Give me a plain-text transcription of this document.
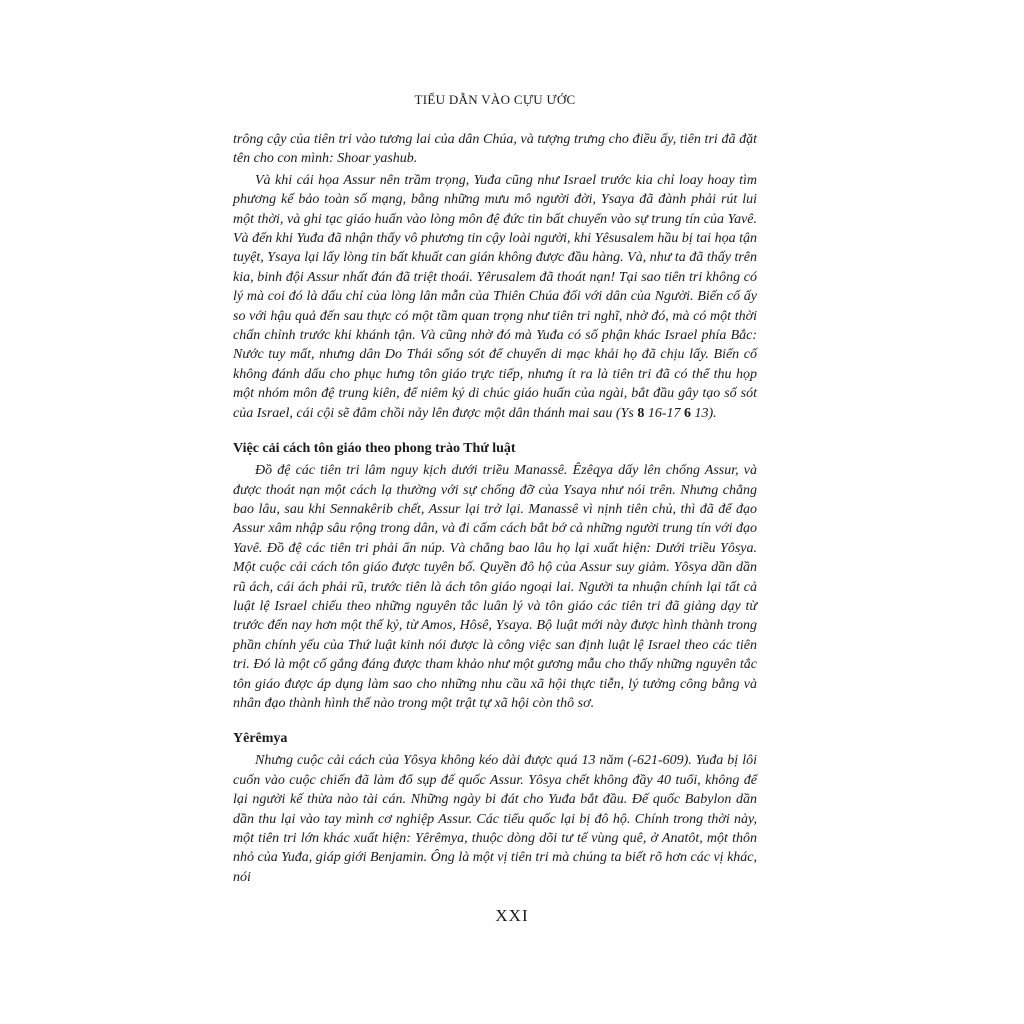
TIỂU DẪN VÀO CỰU ƯỚC

trông cậy của tiên tri vào tương lai của dân Chúa, và tượng trưng cho điều ấy, tiên tri đã đặt tên cho con mình: Shoar yashub.

Và khi cái họa Assur nên trầm trọng, Yuđa cũng như Israel trước kia chỉ loay hoay tìm phương kế bảo toàn số mạng, bằng những mưu mô người đời, Ysaya đã đành phải rút lui một thời, và ghi tạc giáo huấn vào lòng môn đệ đức tin bất chuyển vào sự trung tín của Yavê. Và đến khi Yuđa đã nhận thấy vô phương tin cậy loài người, khi Yêsusalem hầu bị tai họa tận tuyệt, Ysaya lại lấy lòng tin bất khuất can gián không được đầu hàng. Và, như ta đã thấy trên kia, binh đội Assur nhất đán đã triệt thoái. Yêrusalem đã thoát nạn! Tại sao tiên tri không có lý mà coi đó là dấu chỉ của lòng lân mẫn của Thiên Chúa đối với dân của Người. Biến cố ấy so với hậu quả đến sau thực có một tầm quan trọng như tiên tri nghĩ, nhờ đó, mà có một thời chấn chỉnh trước khi khánh tận. Và cũng nhờ đó mà Yuđa có số phận khác Israel phía Bắc: Nước tuy mất, nhưng dân Do Thái sống sót để chuyển di mạc khải họ đã chịu lấy. Biến cố không đánh dấu cho phục hưng tôn giáo trực tiếp, nhưng ít ra là tiên tri đã có thể thu họp một nhóm môn đệ trung kiên, để niêm ký di chúc giáo huấn của ngài, bắt đầu gây tạo số sót của Israel, cái cội sẽ đâm chồi nảy lên được một dân thánh mai sau (Ys 8 16-17 6 13).

Việc cải cách tôn giáo theo phong trào Thứ luật

Đồ đệ các tiên tri lâm nguy kịch dưới triều Manassê. Êzêqya dấy lên chống Assur, và được thoát nạn một cách lạ thường với sự chống đỡ của Ysaya như nói trên. Nhưng chẳng bao lâu, sau khi Sennakêrib chết, Assur lại trở lại. Manassê vì nịnh tiên chủ, thì đã để đạo Assur xâm nhập sâu rộng trong dân, và đi cấm cách bắt bớ cả những người trung tín với đạo Yavê. Đồ đệ các tiên tri phải ẩn núp. Và chẳng bao lâu họ lại xuất hiện: Dưới triều Yôsya. Một cuộc cải cách tôn giáo được tuyên bố. Quyền đô hộ của Assur suy giảm. Yôsya dần dần rũ ách, cái ách phải rũ, trước tiên là ách tôn giáo ngoại lai. Người ta nhuận chính lại tất cả luật lệ Israel chiếu theo những nguyên tắc luân lý và tôn giáo các tiên tri đã giảng dạy từ trước đến nay hơn một thế kỷ, từ Amos, Hôsê, Ysaya. Bộ luật mới này được hình thành trong phần chính yếu của Thứ luật kinh nói được là công việc san định luật lệ Israel theo các tiên tri. Đó là một cố gắng đáng được tham khảo như một gương mẫu cho thấy những nguyên tắc tôn giáo được áp dụng làm sao cho những nhu cầu xã hội thực tiễn, lý tưởng công bằng và nhân đạo thành hình thế nào trong một trật tự xã hội còn thô sơ.

Yêrêmya

Nhưng cuộc cải cách của Yôsya không kéo dài được quá 13 năm (-621-609). Yuđa bị lôi cuốn vào cuộc chiến đã làm đổ sụp đế quốc Assur. Yôsya chết không đầy 40 tuổi, không để lại người kế thừa nào tài cán. Những ngày bi đát cho Yuđa bắt đầu. Đế quốc Babylon dần dần thu lại vào tay mình cơ nghiệp Assur. Các tiểu quốc lại bị đô hộ. Chính trong thời này, một tiên tri lớn khác xuất hiện: Yêrêmya, thuộc dòng dõi tư tế vùng quê, ở Anatôt, một thôn nhỏ của Yuđa, giáp giới Benjamin. Ông là một vị tiên tri mà chúng ta biết rõ hơn các vị khác, nói

XXI
